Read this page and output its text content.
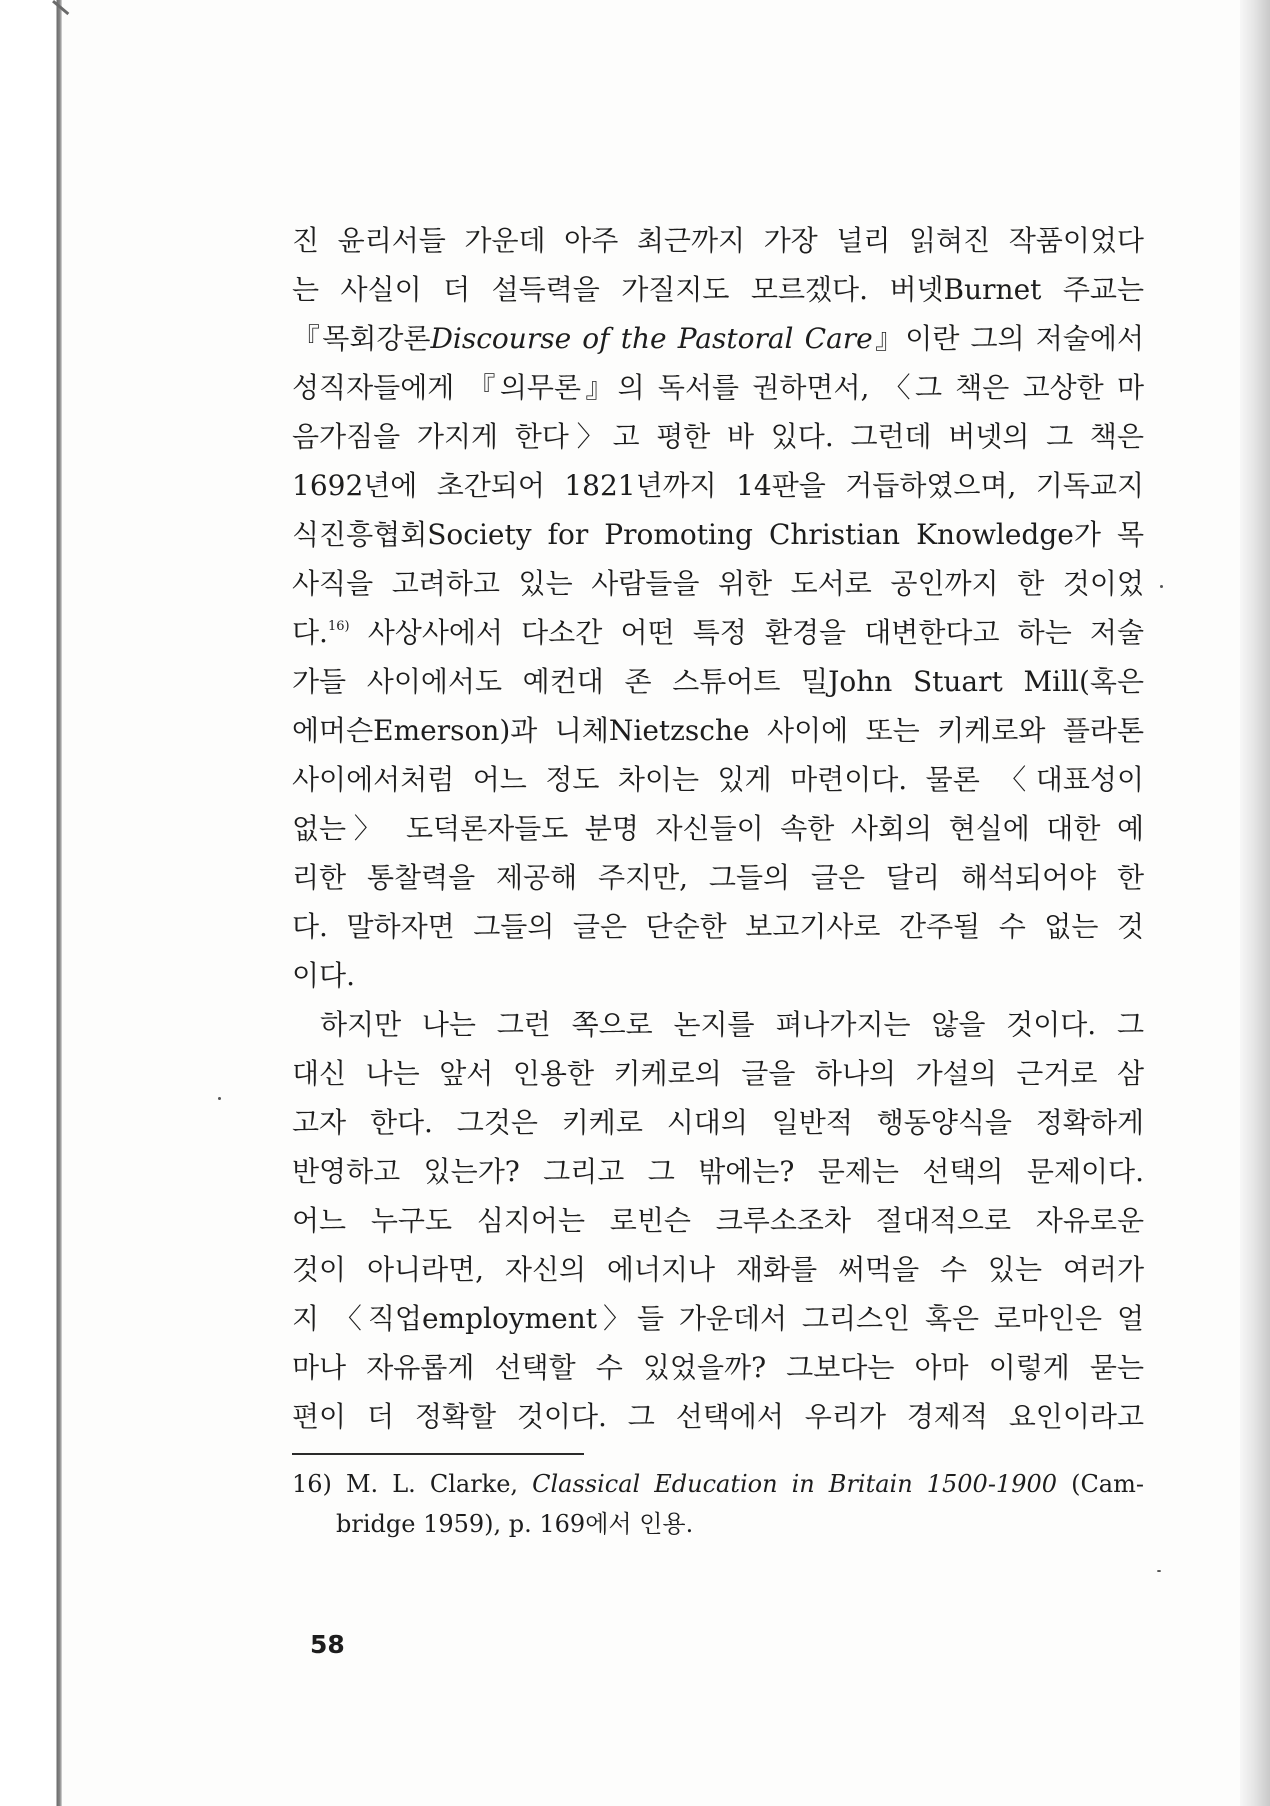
진 윤리서들 가운데 아주 최근까지 가장 널리 읽혀진 작품이었다
는 사실이 더 설득력을 가질지도 모르겠다. 버넷Burnet 주교는
『목회강론Discourse of the Pastoral Care』이란 그의 저술에서
성직자들에게 『의무론』의 독서를 권하면서, 〈그 책은 고상한 마
음가짐을 가지게 한다〉고 평한 바 있다. 그런데 버넷의 그 책은
1692년에 초간되어 1821년까지 14판을 거듭하였으며, 기독교지
식진흥협회Society for Promoting Christian Knowledge가 목
사직을 고려하고 있는 사람들을 위한 도서로 공인까지 한 것이었
다.$^{16)}$ 사상사에서 다소간 어떤 특정 환경을 대변한다고 하는 저술
가들 사이에서도 예컨대 존 스튜어트 밀John Stuart Mill(혹은
에머슨Emerson)과 니체Nietzsche 사이에 또는 키케로와 플라톤
사이에서처럼 어느 정도 차이는 있게 마련이다. 물론 〈대표성이
없는〉 도덕론자들도 분명 자신들이 속한 사회의 현실에 대한 예
리한 통찰력을 제공해 주지만, 그들의 글은 달리 해석되어야 한
다. 말하자면 그들의 글은 단순한 보고기사로 간주될 수 없는 것
이다.
하지만 나는 그런 쪽으로 논지를 펴나가지는 않을 것이다. 그
대신 나는 앞서 인용한 키케로의 글을 하나의 가설의 근거로 삼
고자 한다. 그것은 키케로 시대의 일반적 행동양식을 정확하게
반영하고 있는가? 그리고 그 밖에는? 문제는 선택의 문제이다.
어느 누구도 심지어는 로빈슨 크루소조차 절대적으로 자유로운
것이 아니라면, 자신의 에너지나 재화를 써먹을 수 있는 여러가
지 〈직업employment〉들 가운데서 그리스인 혹은 로마인은 얼
마나 자유롭게 선택할 수 있었을까? 그보다는 아마 이렇게 묻는
편이 더 정확할 것이다. 그 선택에서 우리가 경제적 요인이라고
16) M. L. Clarke, Classical Education in Britain 1500-1900 (Cam-
bridge 1959), p. 169에서 인용.
58
